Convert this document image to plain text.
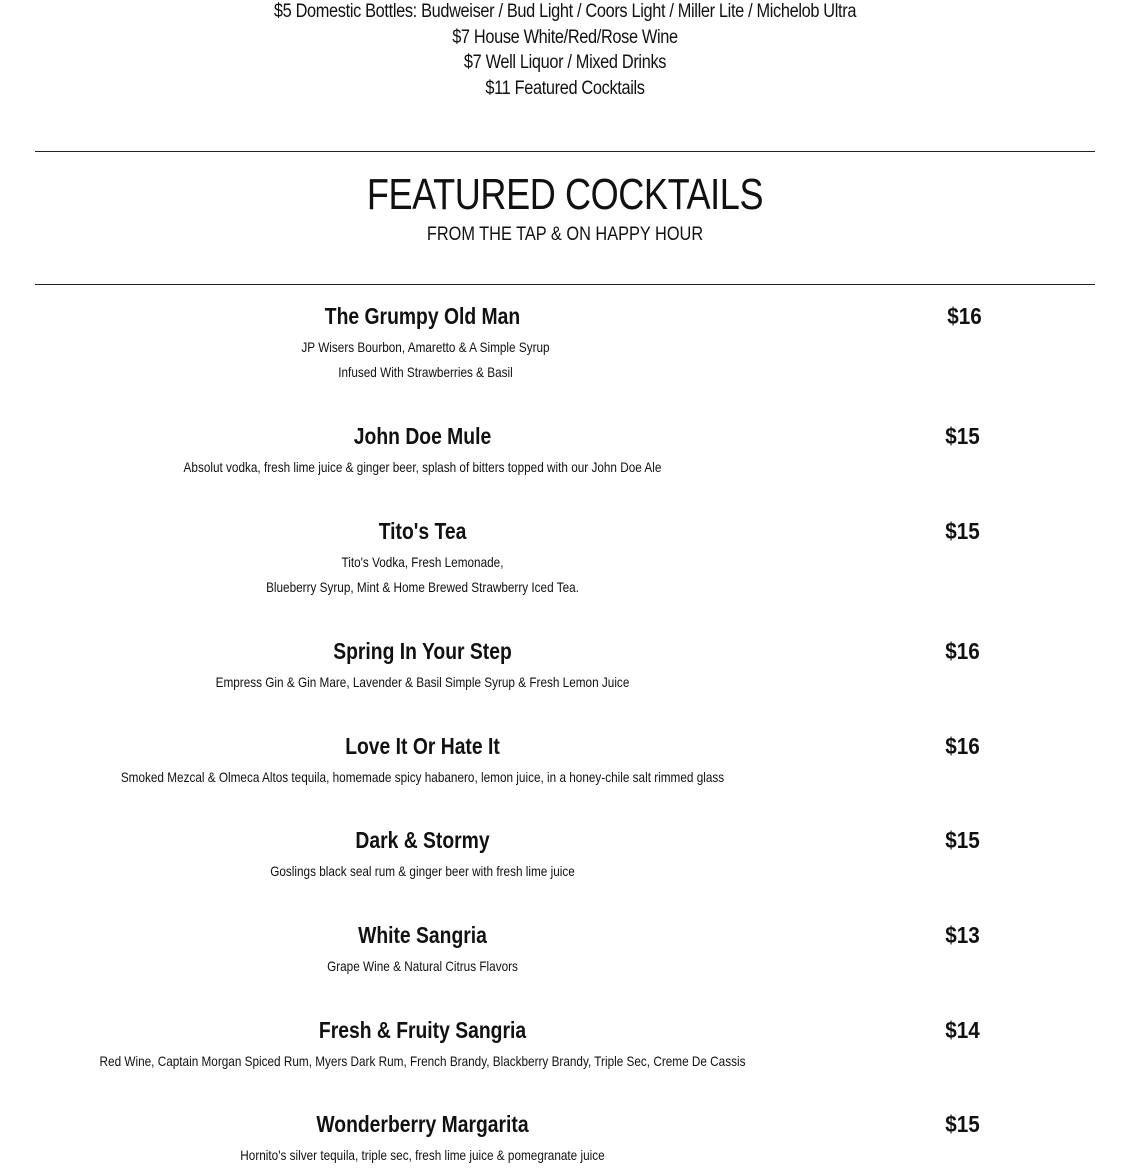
$5 Domestic Bottles: Budweiser / Bud Light / Coors Light / Miller Lite / Michelob Ultra
$7 House White/Red/Rose Wine
$7 Well Liquor / Mixed Drinks
$11 Featured Cocktails
FEATURED COCKTAILS
FROM THE TAP & ON HAPPY HOUR
The Grumpy Old Man	$16
JP Wisers Bourbon, Amaretto & A Simple Syrup
Infused With Strawberries & Basil
John Doe Mule	$15
Absolut vodka, fresh lime juice & ginger beer, splash of bitters topped with our John Doe Ale
Tito's Tea	$15
Tito's Vodka, Fresh Lemonade,
Blueberry Syrup, Mint & Home Brewed Strawberry Iced Tea.
Spring In Your Step	$16
Empress Gin & Gin Mare, Lavender & Basil Simple Syrup & Fresh Lemon Juice
Love It Or Hate It	$16
Smoked Mezcal & Olmeca Altos tequila, homemade spicy habanero, lemon juice, in a honey-chile salt rimmed glass
Dark & Stormy	$15
Goslings black seal rum & ginger beer with fresh lime juice
White Sangria	$13
Grape Wine & Natural Citrus Flavors
Fresh & Fruity Sangria	$14
Red Wine, Captain Morgan Spiced Rum, Myers Dark Rum, French Brandy, Blackberry Brandy, Triple Sec, Creme De Cassis
Wonderberry Margarita	$15
Hornito's silver tequila, triple sec, fresh lime juice & pomegranate juice
